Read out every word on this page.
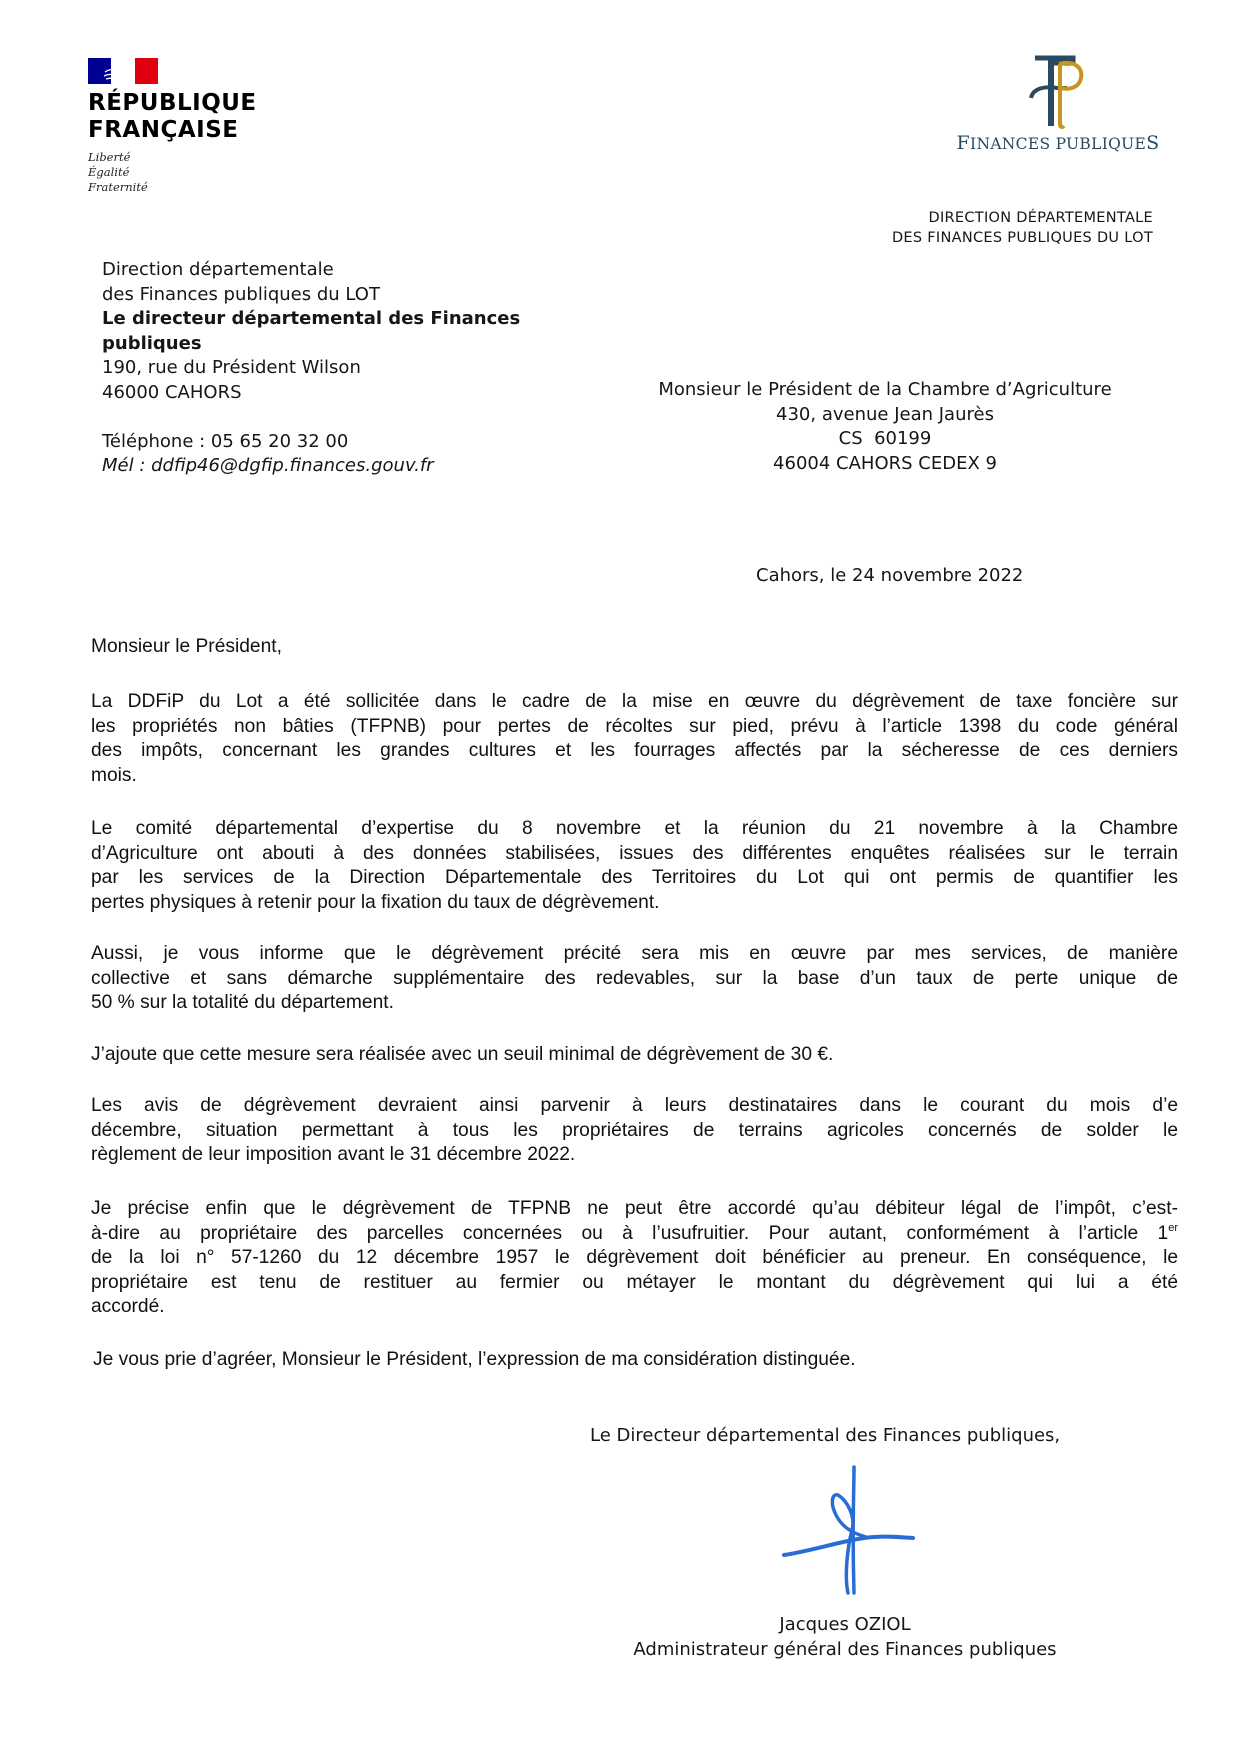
RÉPUBLIQUE
FRANÇAISE
Liberté
Égalité
Fraternité
FINANCES PUBLIQUES
DIRECTION DÉPARTEMENTALE
DES FINANCES PUBLIQUES DU LOT
Direction départementale
des Finances publiques du LOT
Le directeur départemental des Finances
publiques
190, rue du Président Wilson
46000 CAHORS
Téléphone : 05 65 20 32 00
Mél : ddfip46@dgfip.finances.gouv.fr
Monsieur le Président de la Chambre d’Agriculture
430, avenue Jean Jaurès
CS  60199
46004 CAHORS CEDEX 9
Cahors, le 24 novembre 2022
Monsieur le Président,
La DDFiP du Lot a été sollicitée dans le cadre de la mise en œuvre du dégrèvement de taxe foncière sur
les propriétés non bâties (TFPNB) pour pertes de récoltes sur pied, prévu à l’article 1398 du code général
des impôts, concernant les grandes cultures et les fourrages affectés par la sécheresse de ces derniers
mois.
Le comité départemental d’expertise du 8 novembre et la réunion du 21 novembre à la Chambre
d’Agriculture ont abouti à des données stabilisées, issues des différentes enquêtes réalisées sur le terrain
par les services de la Direction Départementale des Territoires du Lot qui ont permis de quantifier les
pertes physiques à retenir pour la fixation du taux de dégrèvement.
Aussi, je vous informe que le dégrèvement précité sera mis en œuvre par mes services, de manière
collective et sans démarche supplémentaire des redevables, sur la base d’un taux de perte unique de
50 % sur la totalité du département.
J’ajoute que cette mesure sera réalisée avec un seuil minimal de dégrèvement de 30 €.
Les avis de dégrèvement devraient ainsi parvenir à leurs destinataires dans le courant du mois d’e
décembre, situation permettant à tous les propriétaires de terrains agricoles concernés de solder le
règlement de leur imposition avant le 31 décembre 2022.
Je précise enfin que le dégrèvement de TFPNB ne peut être accordé qu’au débiteur légal de l’impôt, c’est-
à-dire au propriétaire des parcelles concernées ou à l’usufruitier. Pour autant, conformément à l’article 1er
de la loi n° 57-1260 du 12 décembre 1957 le dégrèvement doit bénéficier au preneur. En conséquence, le
propriétaire est tenu de restituer au fermier ou métayer le montant du dégrèvement qui lui a été
accordé.
Je vous prie d’agréer, Monsieur le Président, l’expression de ma considération distinguée.
Le Directeur départemental des Finances publiques,
Jacques OZIOL
Administrateur général des Finances publiques
